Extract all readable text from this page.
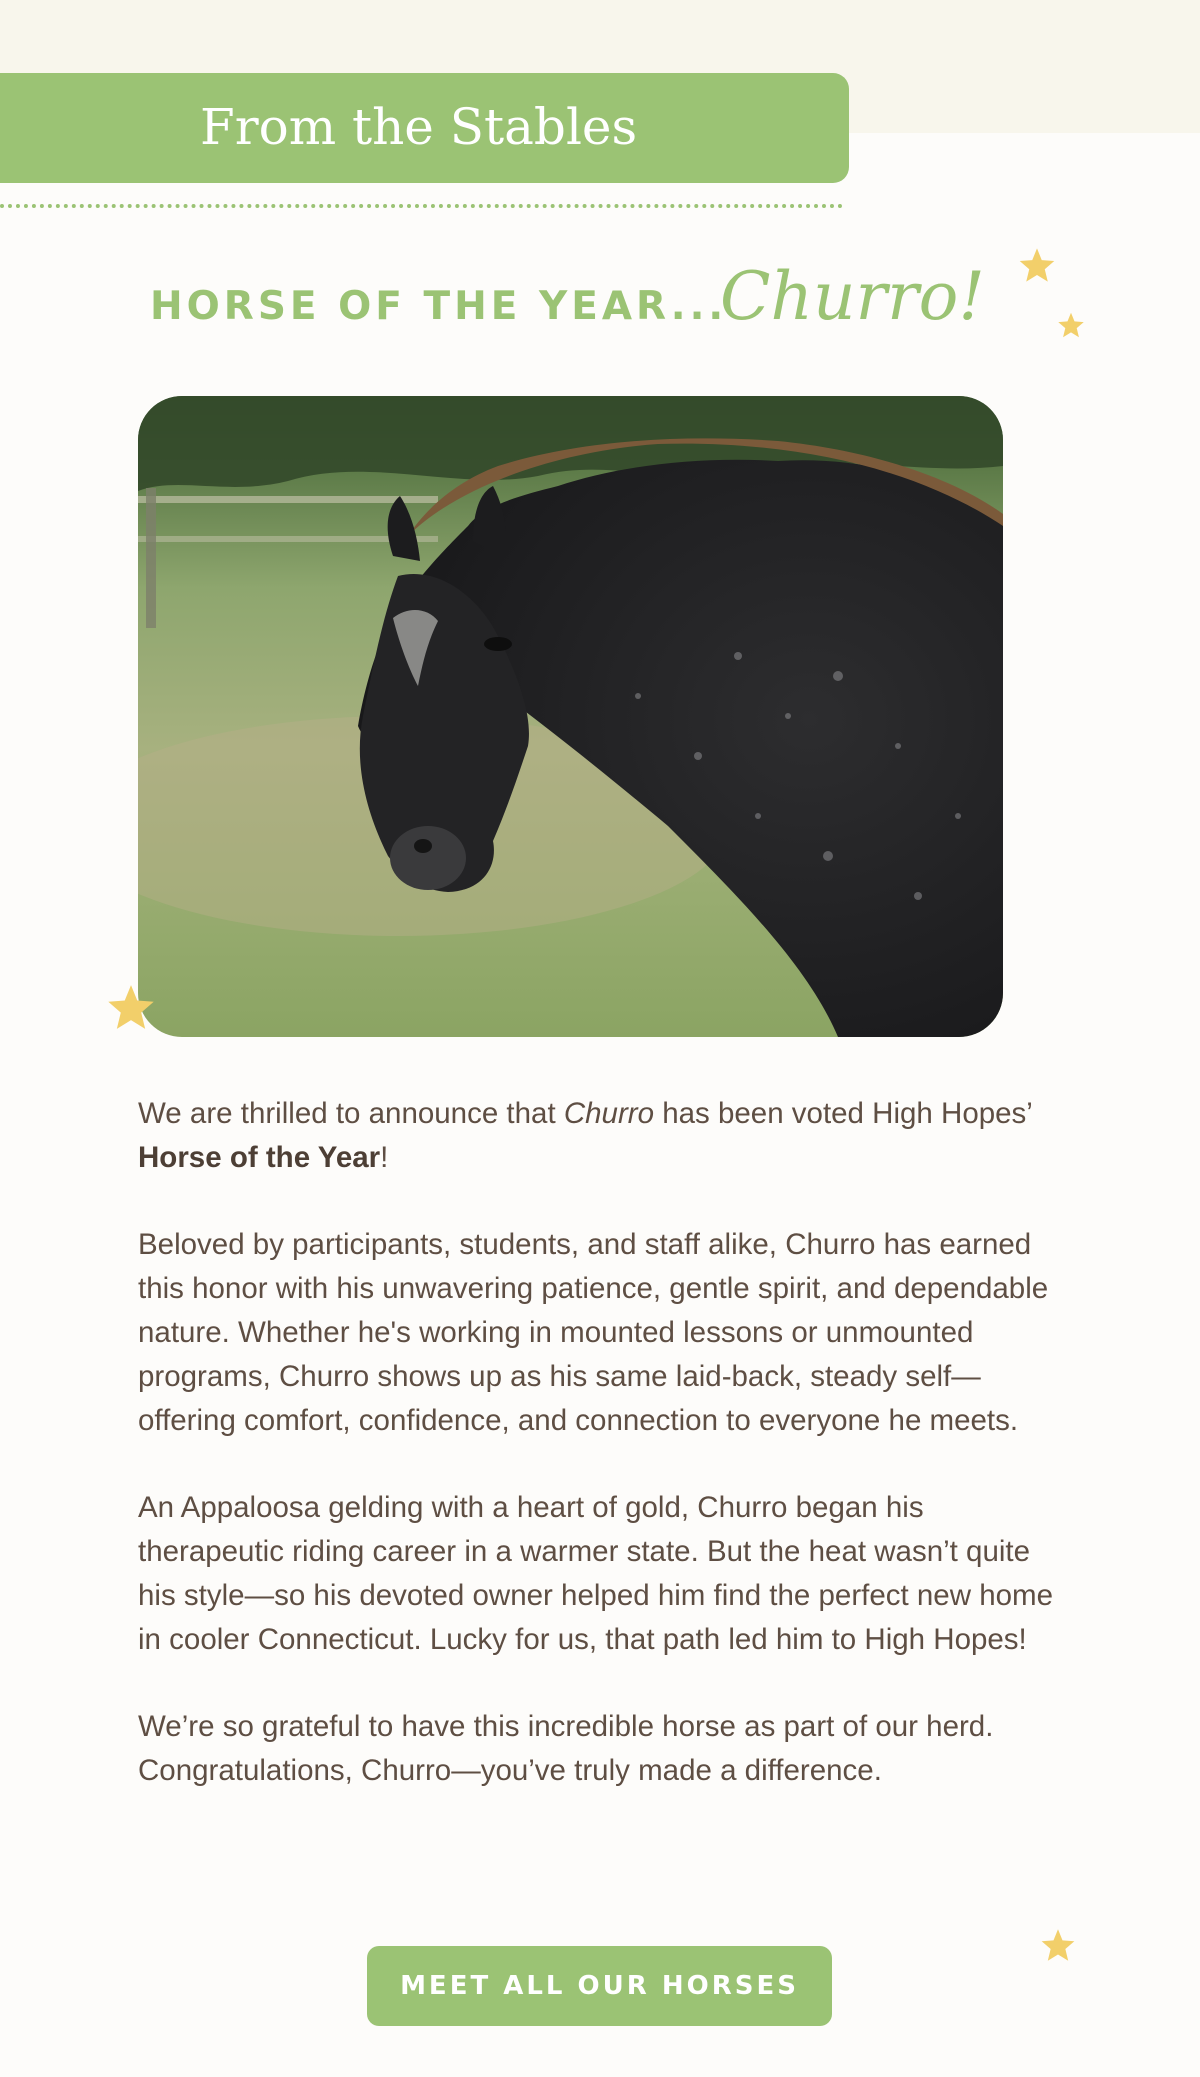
From the Stables
HORSE OF THE YEAR...
Churro!

We are thrilled to announce that Churro has been voted High Hopes’ Horse of the Year!

Beloved by participants, students, and staff alike, Churro has earned this honor with his unwavering patience, gentle spirit, and dependable nature. Whether he's working in mounted lessons or unmounted programs, Churro shows up as his same laid-back, steady self—offering comfort, confidence, and connection to everyone he meets.

An Appaloosa gelding with a heart of gold, Churro began his therapeutic riding career in a warmer state. But the heat wasn’t quite his style—so his devoted owner helped him find the perfect new home in cooler Connecticut. Lucky for us, that path led him to High Hopes!

We’re so grateful to have this incredible horse as part of our herd. Congratulations, Churro—you’ve truly made a difference.

MEET ALL OUR HORSES
